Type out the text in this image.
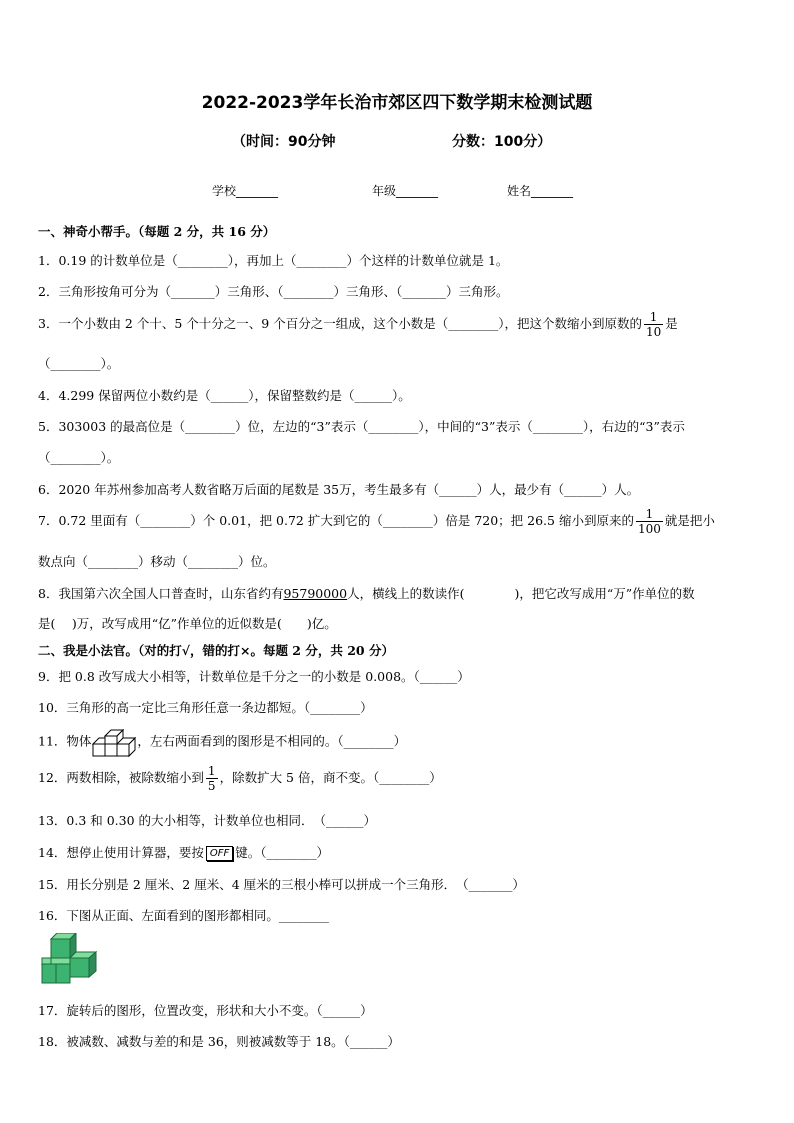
2022-2023学年长治市郊区四下数学期末检测试题
（时间：90分钟	分数：100分）
学校_______	年级_______	姓名_______
一、神奇小帮手。（每题 2 分，共 16 分）
1．0.19 的计数单位是（________），再加上（________）个这样的计数单位就是 1。
2．三角形按角可分为（_______）三角形、（________）三角形、（_______）三角形。
3．一个小数由 2 个十、5 个十分之一、9 个百分之一组成，这个小数是（________），把这个数缩小到原数的 $\frac{1}{10}$ 是
（________）。
4．4.299 保留两位小数约是（______），保留整数约是（______）。
5．303003 的最高位是（________）位，左边的“3”表示（________），中间的“3”表示（________），右边的“3”表示
（________）。
6．2020 年苏州参加高考人数省略万后面的尾数是 35万，考生最多有（______）人，最少有（______）人。
7．0.72 里面有（________）个 0.01，把 0.72 扩大到它的（________）倍是 720；把 26.5 缩小到原来的 $\frac{1}{100}$ 就是把小
数点向（________）移动（________）位。
8．我国第六次全国人口普查时，山东省约有95790000人，横线上的数读作(　　　　)，把它改写成用“万”作单位的数
是(　 )万，改写成用“亿”作单位的近似数是(　　)亿。
二、我是小法官。（对的打√，错的打×。每题 2 分，共 20 分）
9．把 0.8 改写成大小相等，计数单位是千分之一的小数是 0.008。（______）
10．三角形的高一定比三角形任意一条边都短。（________）
11．物体	，左右两面看到的图形是不相同的。（________）
12．两数相除，被除数缩小到 $\frac{1}{5}$ ，除数扩大 5 倍，商不变。（________）
13．0.3 和 0.30 的大小相等，计数单位也相同．　（______）
14．想停止使用计算器，要按 OFF 键。（________）
15．用长分别是 2 厘米、2 厘米、4 厘米的三根小棒可以拼成一个三角形．　（_______）
16．下图从正面、左面看到的图形都相同。________
17．旋转后的图形，位置改变，形状和大小不变。（______）
18．被减数、减数与差的和是 36，则被减数等于 18。（______）
